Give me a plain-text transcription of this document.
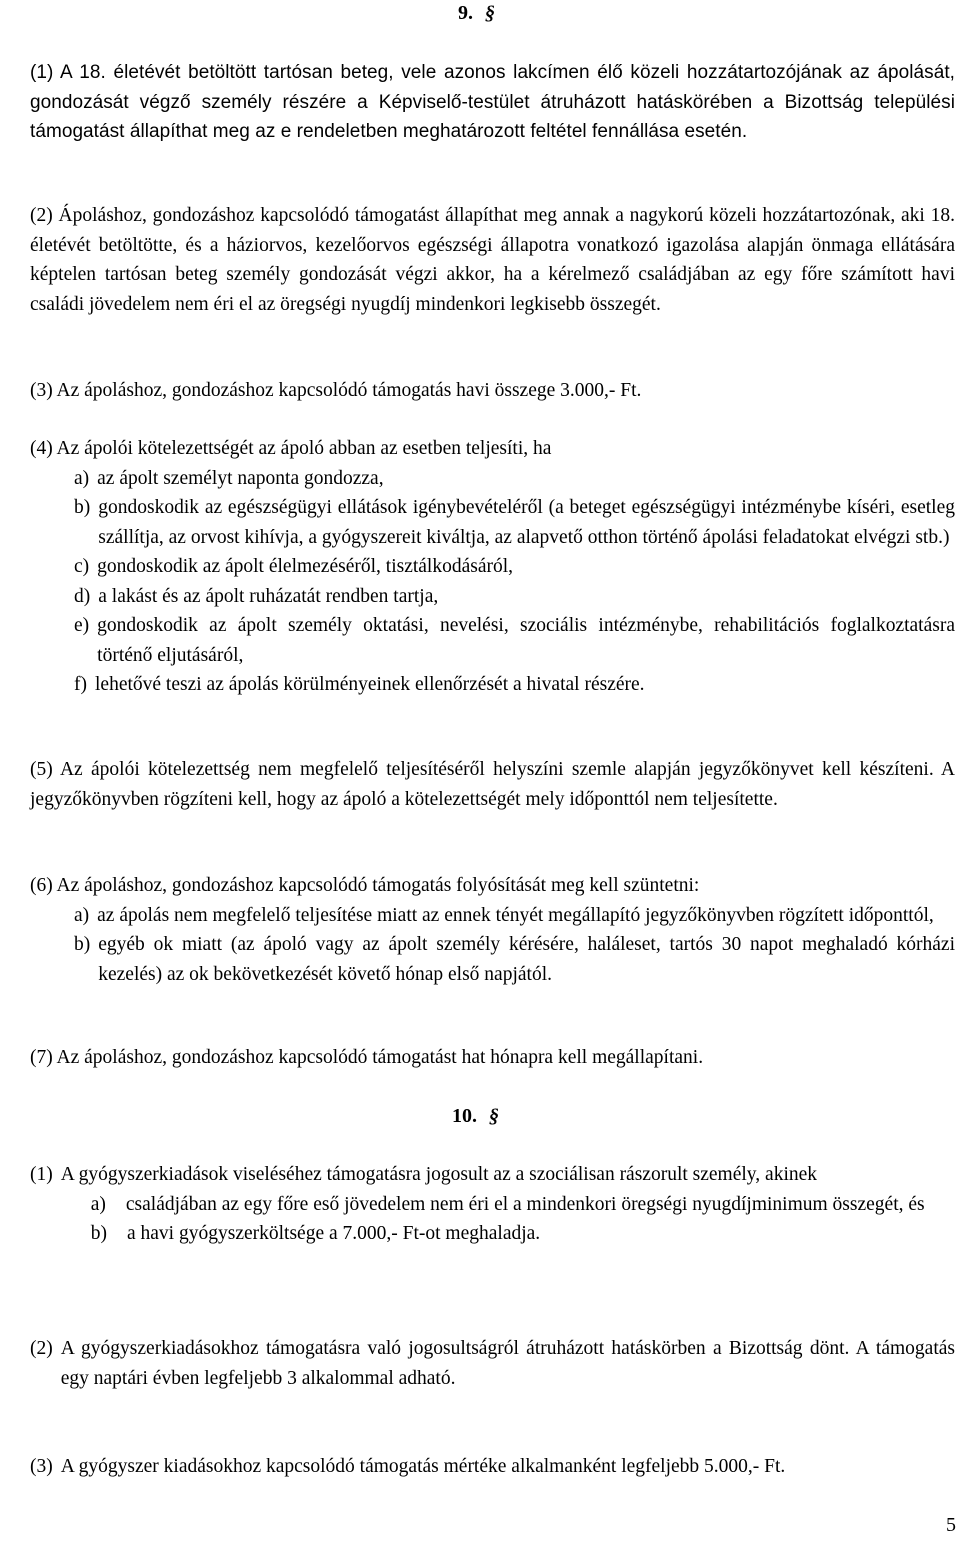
9. §

(1) A 18. életévét betöltött tartósan beteg, vele azonos lakcímen élő közeli hozzátartozójának az ápolását, gondozását végző személy részére a Képviselő-testület átruházott hatáskörében a Bizottság települési támogatást állapíthat meg az e rendeletben meghatározott feltétel fennállása esetén.

(2) Ápoláshoz, gondozáshoz kapcsolódó támogatást állapíthat meg annak a nagykorú közeli hozzátartozónak, aki 18. életévét betöltötte, és a háziorvos, kezelőorvos egészségi állapotra vonatkozó igazolása alapján önmaga ellátására képtelen tartósan beteg személy gondozását végzi akkor, ha a kérelmező családjában az egy főre számított havi családi jövedelem nem éri el az öregségi nyugdíj mindenkori legkisebb összegét.

(3) Az ápoláshoz, gondozáshoz kapcsolódó támogatás havi összege 3.000,- Ft.

(4) Az ápolói kötelezettségét az ápoló abban az esetben teljesíti, ha

a) az ápolt személyt naponta gondozza,
b) gondoskodik az egészségügyi ellátások igénybevételéről (a beteget egészségügyi intézménybe kíséri, esetleg szállítja, az orvost kihívja, a gyógyszereit kiváltja, az alapvető otthon történő ápolási feladatokat elvégzi stb.)
c) gondoskodik az ápolt élelmezéséről, tisztálkodásáról,
d) a lakást és az ápolt ruházatát rendben tartja,
e) gondoskodik az ápolt személy oktatási, nevelési, szociális intézménybe, rehabilitációs foglalkoztatásra történő eljutásáról,
f) lehetővé teszi az ápolás körülményeinek ellenőrzését a hivatal részére.

(5) Az ápolói kötelezettség nem megfelelő teljesítéséről helyszíni szemle alapján jegyzőkönyvet kell készíteni. A jegyzőkönyvben rögzíteni kell, hogy az ápoló a kötelezettségét mely időponttól nem teljesítette.

(6) Az ápoláshoz, gondozáshoz kapcsolódó támogatás folyósítását meg kell szüntetni:

a) az ápolás nem megfelelő teljesítése miatt az ennek tényét megállapító jegyzőkönyvben rögzített időponttól,
b) egyéb ok miatt (az ápoló vagy az ápolt személy kérésére, haláleset, tartós 30 napot meghaladó kórházi kezelés) az ok bekövetkezését követő hónap első napjától.

(7) Az ápoláshoz, gondozáshoz kapcsolódó támogatást hat hónapra kell megállapítani.

10. §
(1) A gyógyszerkiadások viseléséhez támogatásra jogosult az a szociálisan rászorult személy, akinek

a) családjában az egy főre eső jövedelem nem éri el a mindenkori öregségi nyugdíjminimum összegét, és
b) a havi gyógyszerköltsége a 7.000,- Ft-ot meghaladja.
(2) A gyógyszerkiadásokhoz támogatásra való jogosultságról átruházott hatáskörben a Bizottság dönt. A támogatás egy naptári évben legfeljebb 3 alkalommal adható.
(3) A gyógyszer kiadásokhoz kapcsolódó támogatás mértéke alkalmanként legfeljebb 5.000,- Ft.
5
